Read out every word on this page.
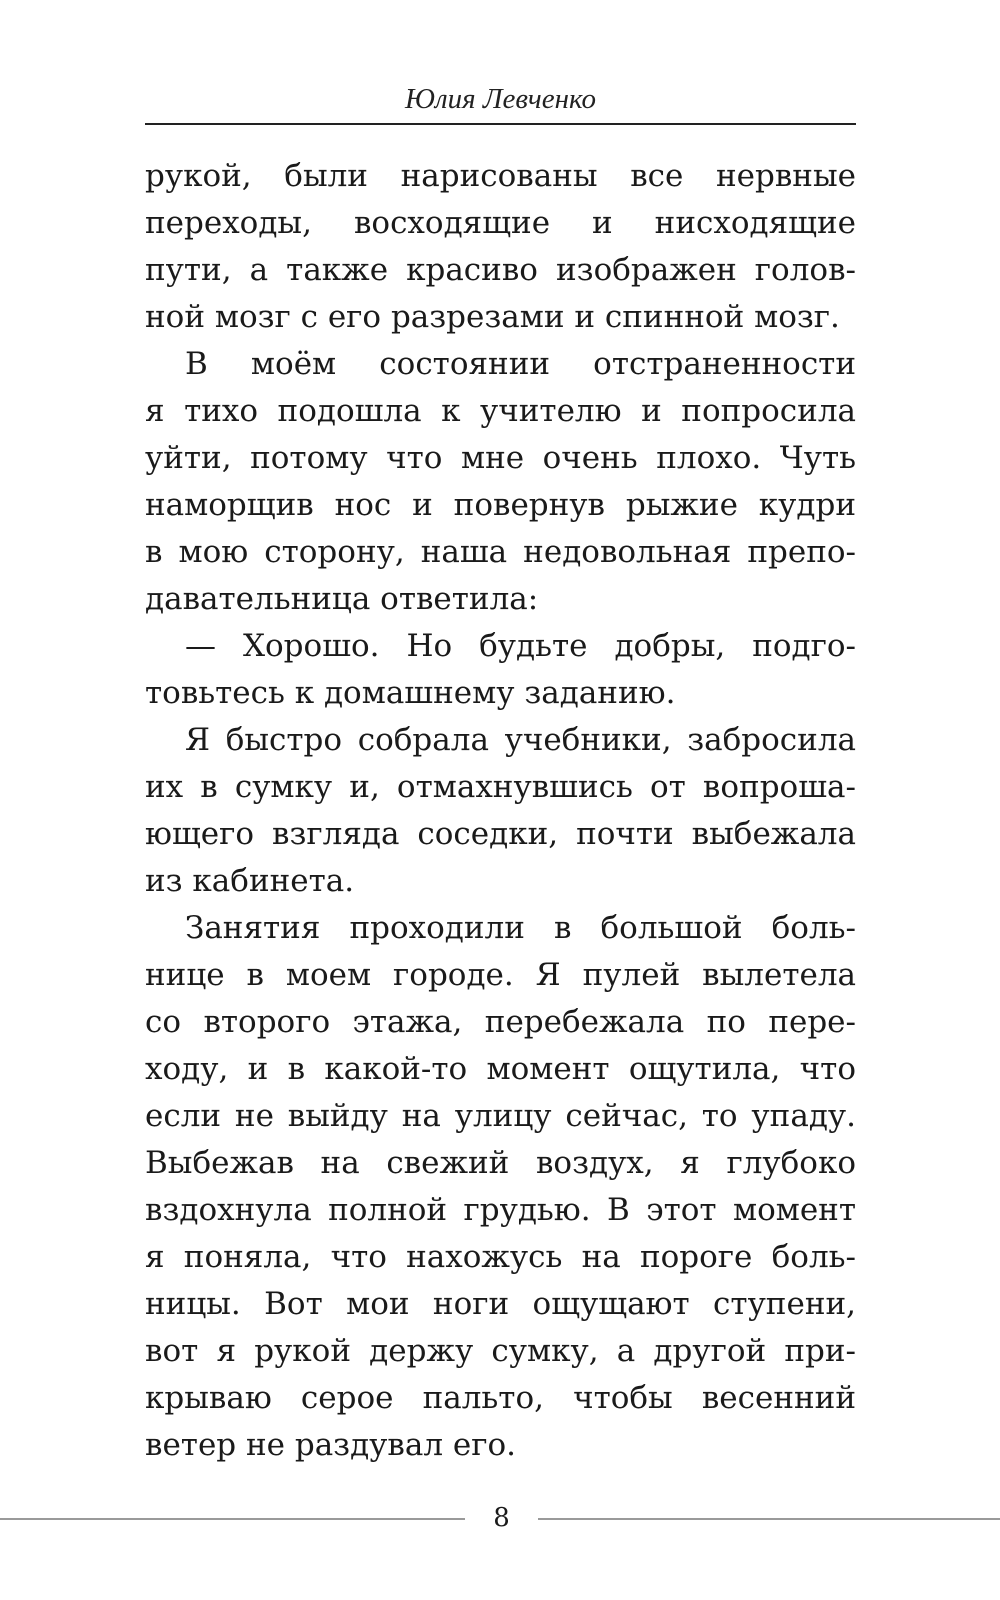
Юлия Левченко
рукой, были нарисованы все нервные
переходы, восходящие и нисходящие
пути, а также красиво изображен голов-
ной мозг с его разрезами и спинной мозг.
В моём состоянии отстраненности
я тихо подошла к учителю и попросила
уйти, потому что мне очень плохо. Чуть
наморщив нос и повернув рыжие кудри
в мою сторону, наша недовольная препо-
давательница ответила:
— Хорошо. Но будьте добры, подго-
товьтесь к домашнему заданию.
Я быстро собрала учебники, забросила
их в сумку и, отмахнувшись от вопроша-
ющего взгляда соседки, почти выбежала
из кабинета.
Занятия проходили в большой боль-
нице в моем городе. Я пулей вылетела
со второго этажа, перебежала по пере-
ходу, и в какой-то момент ощутила, что
если не выйду на улицу сейчас, то упаду.
Выбежав на свежий воздух, я глубоко
вздохнула полной грудью. В этот момент
я поняла, что нахожусь на пороге боль-
ницы. Вот мои ноги ощущают ступени,
вот я рукой держу сумку, а другой при-
крываю серое пальто, чтобы весенний
ветер не раздувал его.
8
